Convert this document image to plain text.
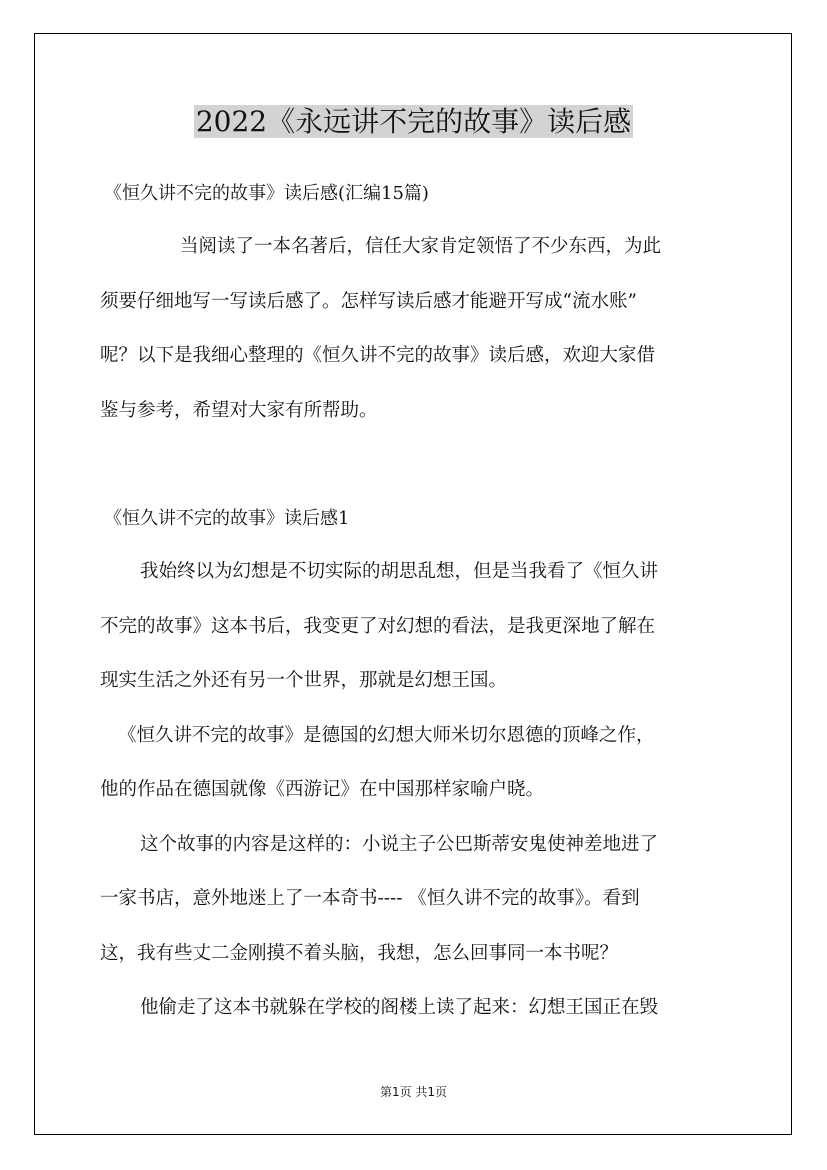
2022《永远讲不完的故事》读后感

《恒久讲不完的故事》读后感(汇编15篇)

当阅读了一本名著后，信任大家肯定领悟了不少东西，为此
须要仔细地写一写读后感了。怎样写读后感才能避开写成“流水账”
呢？以下是我细心整理的《恒久讲不完的故事》读后感，欢迎大家借
鉴与参考，希望对大家有所帮助。

《恒久讲不完的故事》读后感1

我始终以为幻想是不切实际的胡思乱想，但是当我看了《恒久讲
不完的故事》这本书后，我变更了对幻想的看法，是我更深地了解在
现实生活之外还有另一个世界，那就是幻想王国。
《恒久讲不完的故事》是德国的幻想大师米切尔恩德的顶峰之作，
他的作品在德国就像《西游记》在中国那样家喻户晓。
这个故事的内容是这样的：小说主子公巴斯蒂安鬼使神差地进了
一家书店，意外地迷上了一本奇书---- 《恒久讲不完的故事》。看到
这，我有些丈二金刚摸不着头脑，我想，怎么回事同一本书呢？
他偷走了这本书就躲在学校的阁楼上读了起来：幻想王国正在毁
第1页 共1页
